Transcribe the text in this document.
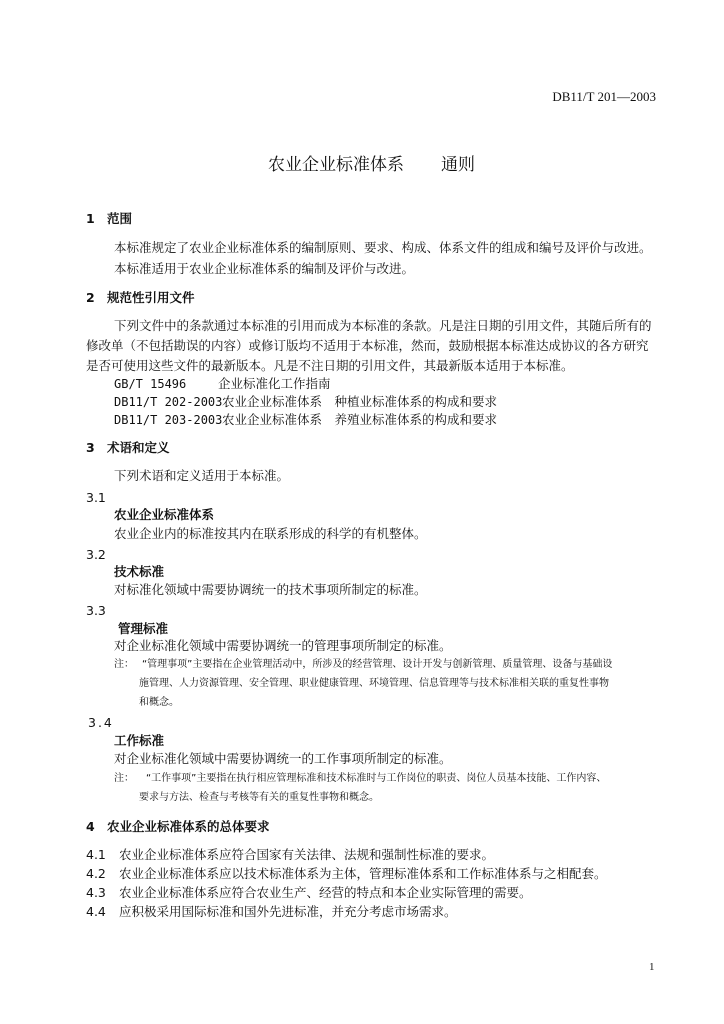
DB11/T 201—2003
农业企业标准体系 通则
1 范围
本标准规定了农业企业标准体系的编制原则、要求、构成、体系文件的组成和编号及评价与改进。
本标准适用于农业企业标准体系的编制及评价与改进。
2 规范性引用文件
下列文件中的条款通过本标准的引用而成为本标准的条款。凡是注日期的引用文件，其随后所有的
修改单（不包括勘误的内容）或修订版均不适用于本标准，然而，鼓励根据本标准达成协议的各方研究
是否可使用这些文件的最新版本。凡是不注日期的引用文件，其最新版本适用于本标准。
GB/T 15496	企业标准化工作指南
DB11/T 202-2003 农业企业标准体系　种植业标准体系的构成和要求
DB11/T 203-2003 农业企业标准体系　养殖业标准体系的构成和要求
3 术语和定义
下列术语和定义适用于本标准。
3.1
农业企业标准体系
农业企业内的标准按其内在联系形成的科学的有机整体。
3.2
技术标准
对标准化领域中需要协调统一的技术事项所制定的标准。
3.3
管理标准
对企业标准化领域中需要协调统一的管理事项所制定的标准。
注： “管理事项”主要指在企业管理活动中，所涉及的经营管理、设计开发与创新管理、质量管理、设备与基础设
施管理、人力资源管理、安全管理、职业健康管理、环境管理、信息管理等与技术标准相关联的重复性事物
和概念。
3.4
工作标准
对企业标准化领域中需要协调统一的工作事项所制定的标准。
注： “工作事项”主要指在执行相应管理标准和技术标准时与工作岗位的职责、岗位人员基本技能、工作内容、
要求与方法、检查与考核等有关的重复性事物和概念。
4 农业企业标准体系的总体要求
4.1 农业企业标准体系应符合国家有关法律、法规和强制性标准的要求。
4.2 农业企业标准体系应以技术标准体系为主体，管理标准体系和工作标准体系与之相配套。
4.3 农业企业标准体系应符合农业生产、经营的特点和本企业实际管理的需要。
4.4 应积极采用国际标准和国外先进标准，并充分考虑市场需求。
1
